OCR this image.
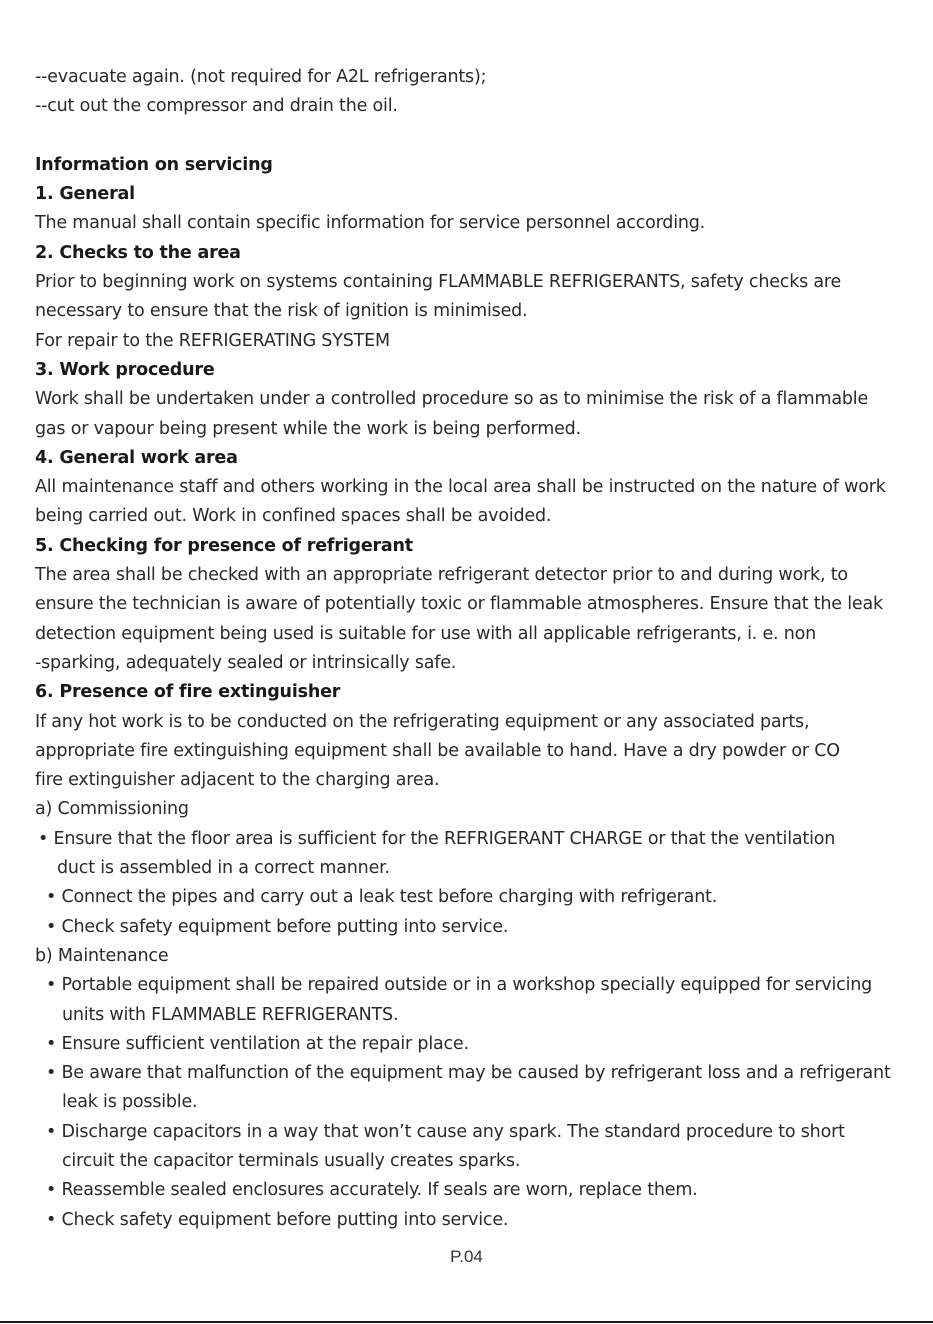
--evacuate again. (not required for A2L refrigerants);
--cut out the compressor and drain the oil.
Information on servicing
1. General
The manual shall contain specific information for service personnel according.
2. Checks to the area
Prior to beginning work on systems containing FLAMMABLE REFRIGERANTS, safety checks are
necessary to ensure that the risk of ignition is minimised.
For repair to the REFRIGERATING SYSTEM
3. Work procedure
Work shall be undertaken under a controlled procedure so as to minimise the risk of a flammable
gas or vapour being present while the work is being performed.
4. General work area
All maintenance staff and others working in the local area shall be instructed on the nature of work
being carried out. Work in confined spaces shall be avoided.
5. Checking for presence of refrigerant
The area shall be checked with an appropriate refrigerant detector prior to and during work, to
ensure the technician is aware of potentially toxic or flammable atmospheres. Ensure that the leak
detection equipment being used is suitable for use with all applicable refrigerants, i. e. non
-sparking, adequately sealed or intrinsically safe.
6. Presence of fire extinguisher
If any hot work is to be conducted on the refrigerating equipment or any associated parts,
appropriate fire extinguishing equipment shall be available to hand. Have a dry powder or CO
fire extinguisher adjacent to the charging area.
a) Commissioning
• Ensure that the floor area is sufficient for the REFRIGERANT CHARGE or that the ventilation
duct is assembled in a correct manner.
• Connect the pipes and carry out a leak test before charging with refrigerant.
• Check safety equipment before putting into service.
b) Maintenance
• Portable equipment shall be repaired outside or in a workshop specially equipped for servicing
units with FLAMMABLE REFRIGERANTS.
• Ensure sufficient ventilation at the repair place.
• Be aware that malfunction of the equipment may be caused by refrigerant loss and a refrigerant
leak is possible.
• Discharge capacitors in a way that won’t cause any spark. The standard procedure to short
circuit the capacitor terminals usually creates sparks.
• Reassemble sealed enclosures accurately. If seals are worn, replace them.
• Check safety equipment before putting into service.
P.04
